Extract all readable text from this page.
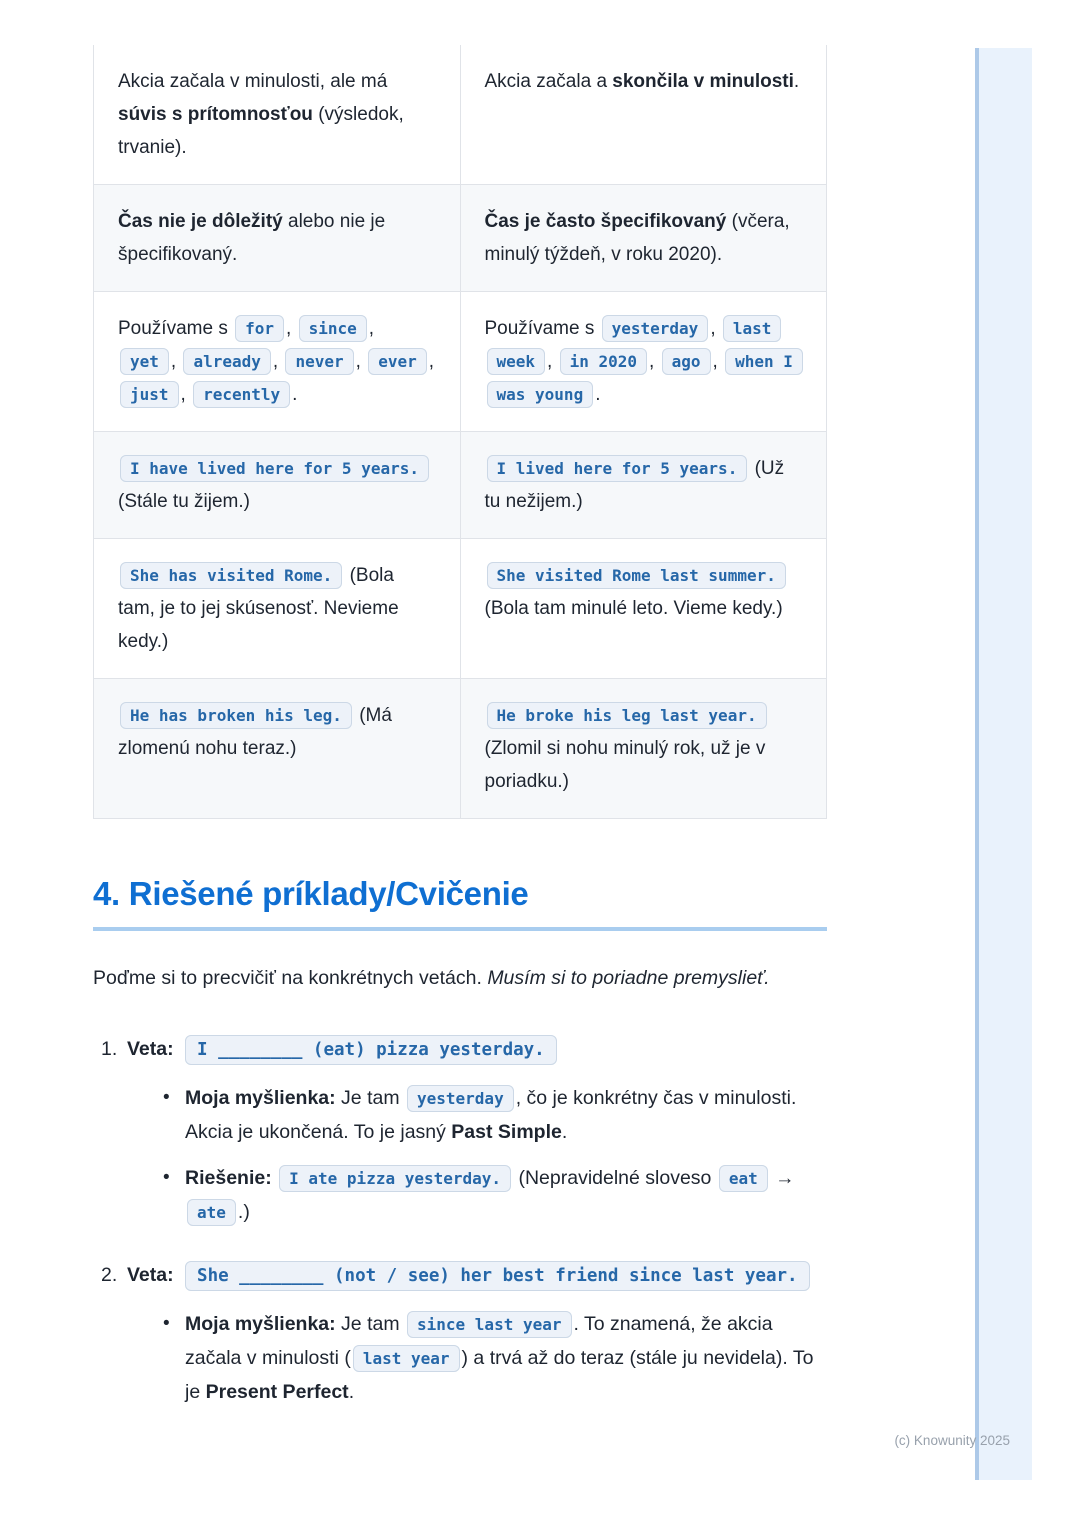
Akcia začala v minulosti, ale má súvis s prítomnosťou (výsledok, trvanie).	Akcia začala a skončila v minulosti.
Čas nie je dôležitý alebo nie je špecifikovaný.	Čas je často špecifikovaný (včera, minulý týždeň, v roku 2020).
Používame s for , since , yet , already , never , ever , just , recently .	Používame s yesterday , last week , in 2020 , ago , when I was young .
I have lived here for 5 years. (Stále tu žijem.)	I lived here for 5 years. (Už tu nežijem.)
She has visited Rome. (Bola tam, je to jej skúsenosť. Nevieme kedy.)	She visited Rome last summer. (Bola tam minulé leto. Vieme kedy.)
He has broken his leg. (Má zlomenú nohu teraz.)	He broke his leg last year. (Zlomil si nohu minulý rok, už je v poriadku.)
4. Riešené príklady/Cvičenie

Poďme si to precvičiť na konkrétnych vetách. Musím si to poriadne premyslieť.

1. Veta: I ________ (eat) pizza yesterday.
• Moja myšlienka: Je tam yesterday , čo je konkrétny čas v minulosti. Akcia je ukončená. To je jasný Past Simple.
• Riešenie: I ate pizza yesterday. (Nepravidelné sloveso eat → ate .)
2. Veta: She ________ (not / see) her best friend since last year.
• Moja myšlienka: Je tam since last year . To znamená, že akcia začala v minulosti ( last year ) a trvá až do teraz (stále ju nevidela). To je Present Perfect.
(c) Knowunity 2025
